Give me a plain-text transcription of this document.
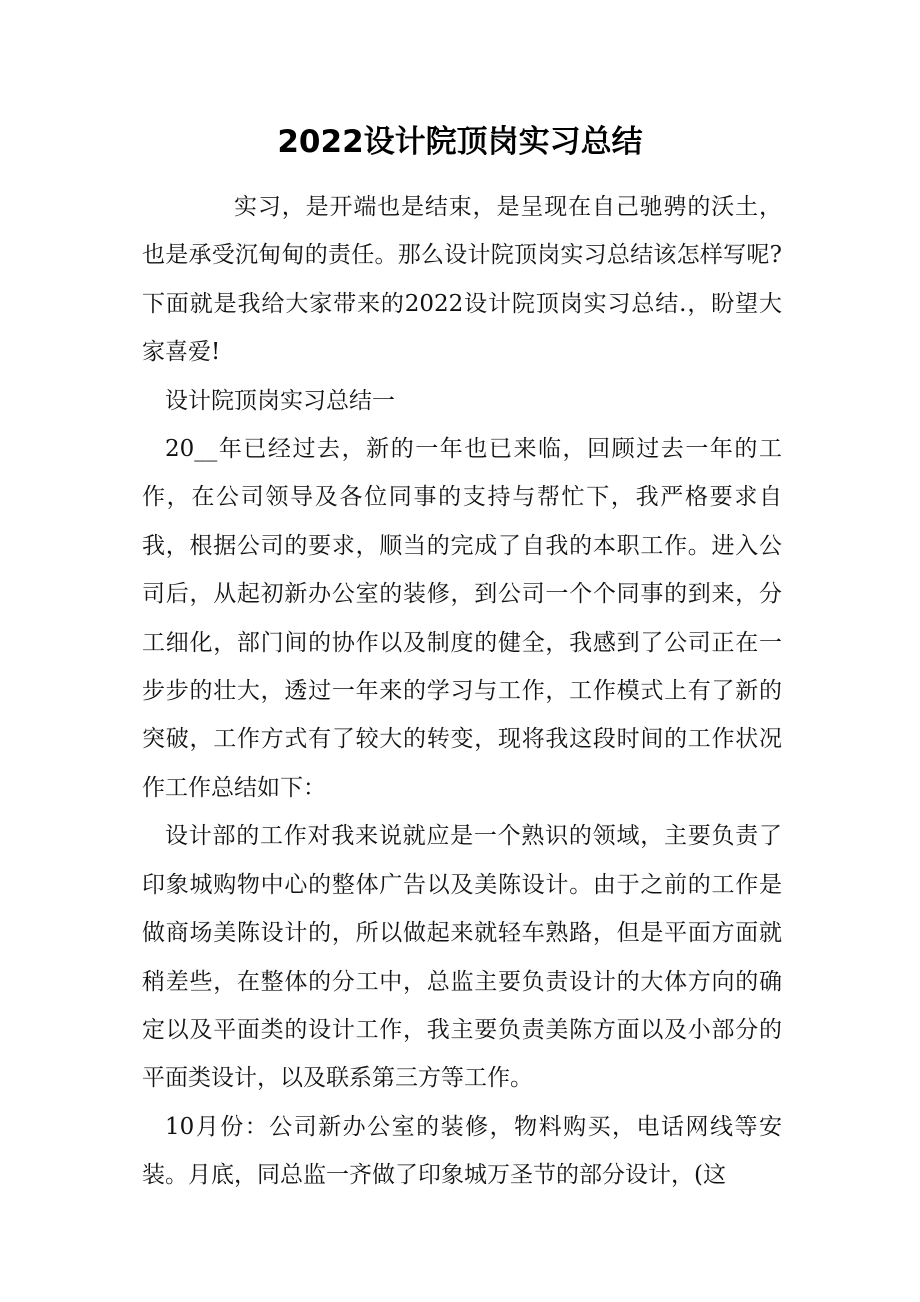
2022设计院顶岗实习总结

实习，是开端也是结束，是呈现在自己驰骋的沃土，也是承受沉甸甸的责任。那么设计院顶岗实习总结该怎样写呢?下面就是我给大家带来的2022设计院顶岗实习总结.，盼望大家喜爱!

设计院顶岗实习总结一

20__年已经过去，新的一年也已来临，回顾过去一年的工作，在公司领导及各位同事的支持与帮忙下，我严格要求自我，根据公司的要求，顺当的完成了自我的本职工作。进入公司后，从起初新办公室的装修，到公司一个个同事的到来，分工细化，部门间的协作以及制度的健全，我感到了公司正在一步步的壮大，透过一年来的学习与工作，工作模式上有了新的突破，工作方式有了较大的转变，现将我这段时间的工作状况作工作总结如下：

设计部的工作对我来说就应是一个熟识的领域，主要负责了印象城购物中心的整体广告以及美陈设计。由于之前的工作是做商场美陈设计的，所以做起来就轻车熟路，但是平面方面就稍差些，在整体的分工中，总监主要负责设计的大体方向的确定以及平面类的设计工作，我主要负责美陈方面以及小部分的平面类设计，以及联系第三方等工作。

10月份：公司新办公室的装修，物料购买，电话网线等安装。月底，同总监一齐做了印象城万圣节的部分设计，(这
